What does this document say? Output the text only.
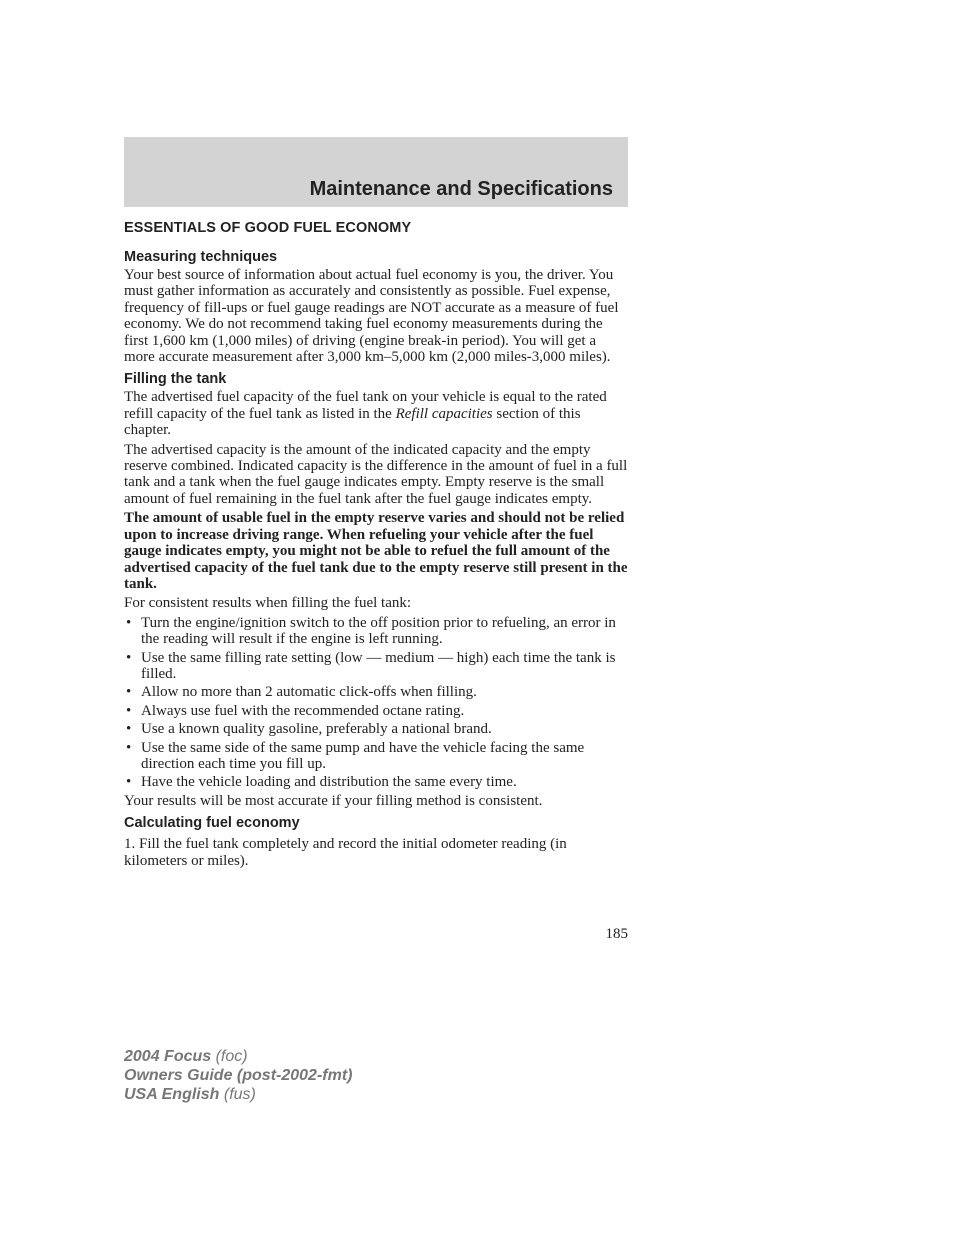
Maintenance and Specifications
ESSENTIALS OF GOOD FUEL ECONOMY
Measuring techniques

Your best source of information about actual fuel economy is you, the driver. You must gather information as accurately and consistently as possible. Fuel expense, frequency of fill-ups or fuel gauge readings are NOT accurate as a measure of fuel economy. We do not recommend taking fuel economy measurements during the first 1,600 km (1,000 miles) of driving (engine break-in period). You will get a more accurate measurement after 3,000 km–5,000 km (2,000 miles-3,000 miles).

Filling the tank

The advertised fuel capacity of the fuel tank on your vehicle is equal to the rated refill capacity of the fuel tank as listed in the Refill capacities section of this chapter.

The advertised capacity is the amount of the indicated capacity and the empty reserve combined. Indicated capacity is the difference in the amount of fuel in a full tank and a tank when the fuel gauge indicates empty. Empty reserve is the small amount of fuel remaining in the fuel tank after the fuel gauge indicates empty.

The amount of usable fuel in the empty reserve varies and should not be relied upon to increase driving range. When refueling your vehicle after the fuel gauge indicates empty, you might not be able to refuel the full amount of the advertised capacity of the fuel tank due to the empty reserve still present in the tank.

For consistent results when filling the fuel tank:

• Turn the engine/ignition switch to the off position prior to refueling, an error in the reading will result if the engine is left running.
• Use the same filling rate setting (low — medium — high) each time the tank is filled.
• Allow no more than 2 automatic click-offs when filling.
• Always use fuel with the recommended octane rating.
• Use a known quality gasoline, preferably a national brand.
• Use the same side of the same pump and have the vehicle facing the same direction each time you fill up.
• Have the vehicle loading and distribution the same every time.

Your results will be most accurate if your filling method is consistent.

Calculating fuel economy

1. Fill the fuel tank completely and record the initial odometer reading (in kilometers or miles).

185
2004 Focus (foc)
Owners Guide (post-2002-fmt)
USA English (fus)
